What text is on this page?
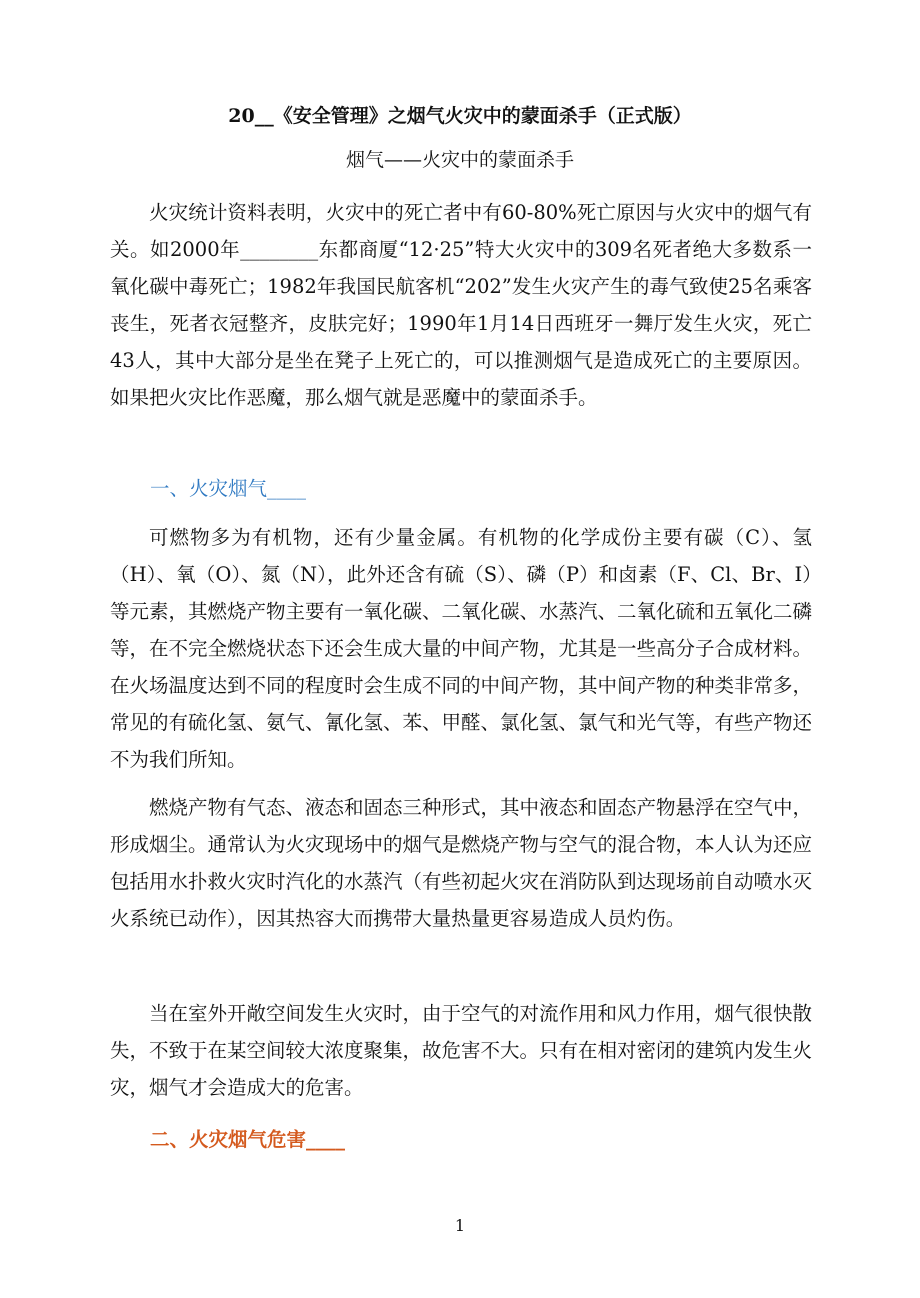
20__《安全管理》之烟气火灾中的蒙面杀手（正式版）
烟气——火灾中的蒙面杀手

火灾统计资料表明，火灾中的死亡者中有60-80%死亡原因与火灾中的烟气有关。如2000年________东都商厦“12·25”特大火灾中的309名死者绝大多数系一氧化碳中毒死亡；1982年我国民航客机“202”发生火灾产生的毒气致使25名乘客丧生，死者衣冠整齐，皮肤完好；1990年1月14日西班牙一舞厅发生火灾，死亡43人，其中大部分是坐在凳子上死亡的，可以推测烟气是造成死亡的主要原因。如果把火灾比作恶魔，那么烟气就是恶魔中的蒙面杀手。

一、火灾烟气____

可燃物多为有机物，还有少量金属。有机物的化学成份主要有碳（C）、氢（H）、氧（O）、氮（N），此外还含有硫（S）、磷（P）和卤素（F、Cl、Br、I）等元素，其燃烧产物主要有一氧化碳、二氧化碳、水蒸汽、二氧化硫和五氧化二磷等，在不完全燃烧状态下还会生成大量的中间产物，尤其是一些高分子合成材料。在火场温度达到不同的程度时会生成不同的中间产物，其中间产物的种类非常多，常见的有硫化氢、氨气、氰化氢、苯、甲醛、氯化氢、氯气和光气等，有些产物还不为我们所知。

燃烧产物有气态、液态和固态三种形式，其中液态和固态产物悬浮在空气中，形成烟尘。通常认为火灾现场中的烟气是燃烧产物与空气的混合物，本人认为还应包括用水扑救火灾时汽化的水蒸汽（有些初起火灾在消防队到达现场前自动喷水灭火系统已动作），因其热容大而携带大量热量更容易造成人员灼伤。

当在室外开敞空间发生火灾时，由于空气的对流作用和风力作用，烟气很快散失，不致于在某空间较大浓度聚集，故危害不大。只有在相对密闭的建筑内发生火灾，烟气才会造成大的危害。

二、火灾烟气危害____

1
